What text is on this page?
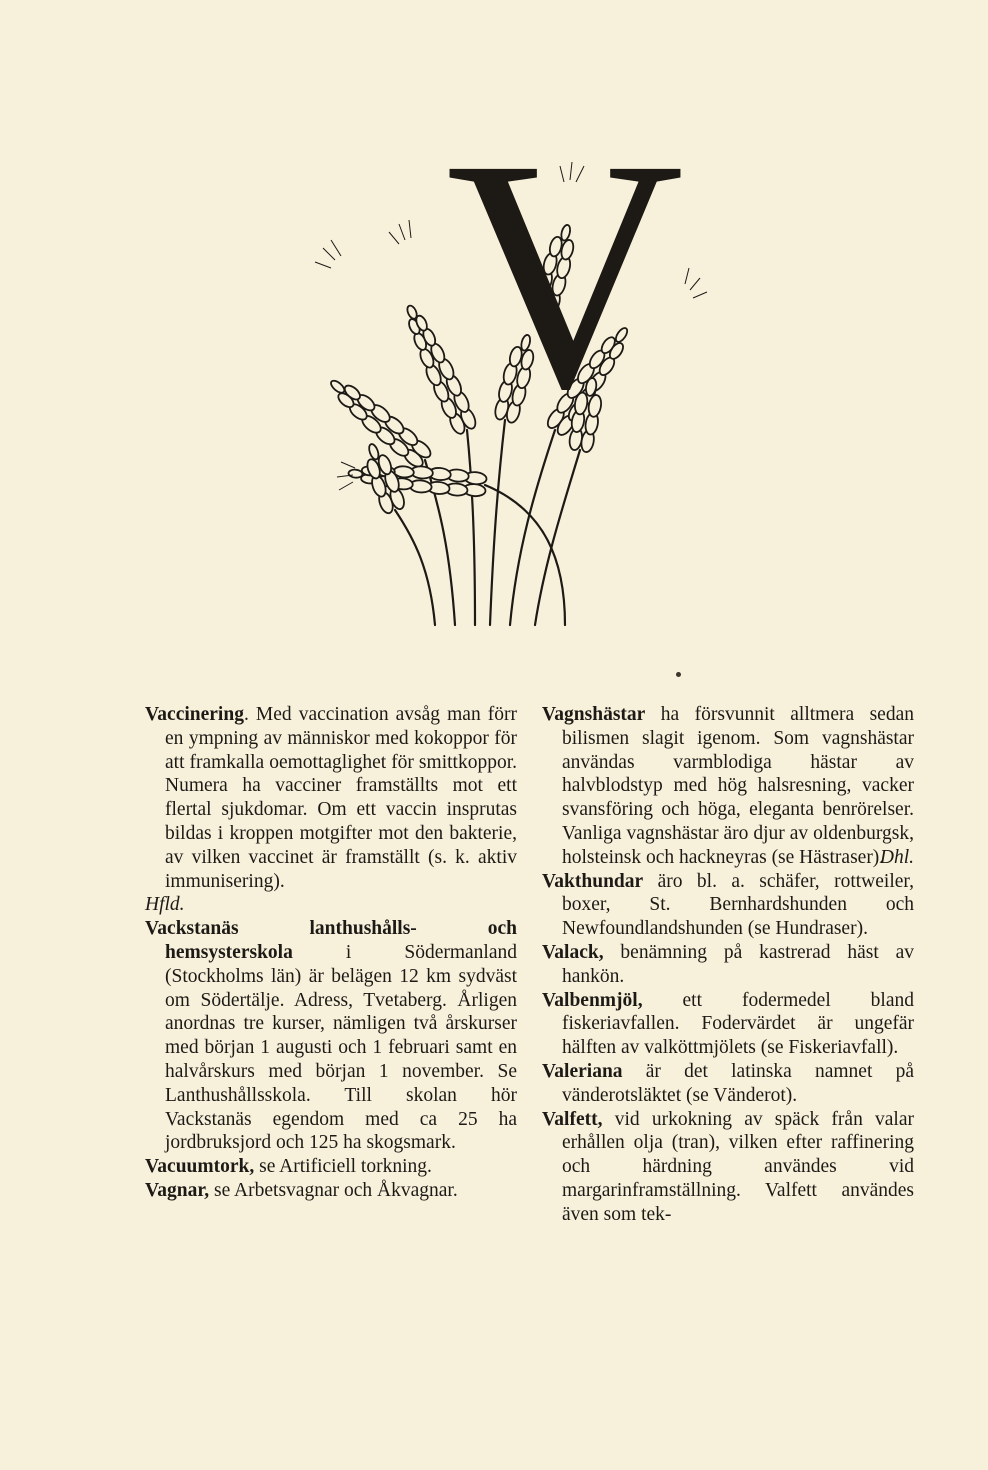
V

Vaccinering. Med vaccination avsåg man förr en ympning av människor med kokoppor för att framkalla oemottaglighet för smittkoppor. Numera ha vacciner framställts mot ett flertal sjukdomar. Om ett vaccin insprutas bildas i kroppen motgifter mot den bakterie, av vilken vaccinet är framställt (s. k. aktiv immunisering).
Hfld.

Vackstanäs lanthushålls- och hemsysterskola i Södermanland (Stockholms län) är belägen 12 km sydväst om Södertälje. Adress, Tvetaberg. Årligen anordnas tre kurser, nämligen två årskurser med början 1 augusti och 1 februari samt en halvårskurs med början 1 november. Se Lanthushållsskola. Till skolan hör Vackstanäs egendom med ca 25 ha jordbruksjord och 125 ha skogsmark.

Vacuumtork, se Artificiell torkning.

Vagnar, se Arbetsvagnar och Åkvagnar.

Vagnshästar ha försvunnit alltmera sedan bilismen slagit igenom. Som vagnshästar användas varmblodiga hästar av halvblodstyp med hög halsresning, vacker svansföring och höga, eleganta benrörelser. Vanliga vagnshästar äro djur av oldenburgsk, holsteinsk och hackneyras (se Hästraser).
Dhl.

Vakthundar äro bl. a. schäfer, rottweiler, boxer, St. Bernhardshunden och Newfoundlandshunden (se Hundraser).

Valack, benämning på kastrerad häst av hankön.

Valbenmjöl, ett fodermedel bland fiskeriavfallen. Fodervärdet är ungefär hälften av valköttmjölets (se Fiskeriavfall).

Valeriana är det latinska namnet på vänderotsläktet (se Vänderot).

Valfett, vid urkokning av späck från valar erhållen olja (tran), vilken efter raffinering och härdning användes vid margarinframställning. Valfett användes även som tek-
